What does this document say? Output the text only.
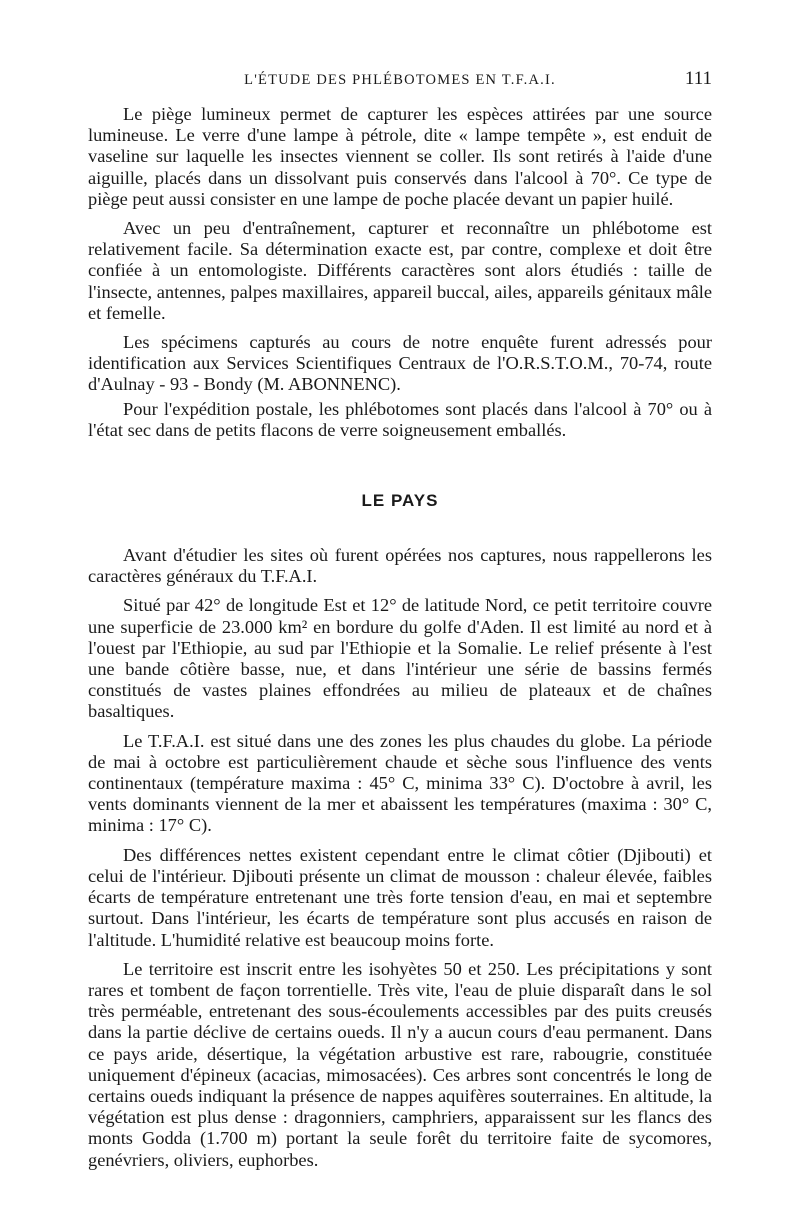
L'ÉTUDE DES PHLÉBOTOMES EN T.F.A.I.	111

Le piège lumineux permet de capturer les espèces attirées par une source lumineuse. Le verre d'une lampe à pétrole, dite « lampe tempête », est enduit de vaseline sur laquelle les insectes viennent se coller. Ils sont retirés à l'aide d'une aiguille, placés dans un dissolvant puis conservés dans l'alcool à 70°. Ce type de piège peut aussi consister en une lampe de poche placée devant un papier huilé.

Avec un peu d'entraînement, capturer et reconnaître un phlébotome est relativement facile. Sa détermination exacte est, par contre, complexe et doit être confiée à un entomologiste. Différents caractères sont alors étudiés : taille de l'insecte, antennes, palpes maxillaires, appareil buccal, ailes, appareils génitaux mâle et femelle.

Les spécimens capturés au cours de notre enquête furent adressés pour identification aux Services Scientifiques Centraux de l'O.R.S.T.O.M., 70-74, route d'Aulnay - 93 - Bondy (M. ABONNENC).

Pour l'expédition postale, les phlébotomes sont placés dans l'alcool à 70° ou à l'état sec dans de petits flacons de verre soigneusement emballés.

LE PAYS

Avant d'étudier les sites où furent opérées nos captures, nous rappellerons les caractères généraux du T.F.A.I.

Situé par 42° de longitude Est et 12° de latitude Nord, ce petit territoire couvre une superficie de 23.000 km² en bordure du golfe d'Aden. Il est limité au nord et à l'ouest par l'Ethiopie, au sud par l'Ethiopie et la Somalie. Le relief présente à l'est une bande côtière basse, nue, et dans l'intérieur une série de bassins fermés constitués de vastes plaines effondrées au milieu de plateaux et de chaînes basaltiques.

Le T.F.A.I. est situé dans une des zones les plus chaudes du globe. La période de mai à octobre est particulièrement chaude et sèche sous l'influence des vents continentaux (température maxima : 45° C, minima 33° C). D'octobre à avril, les vents dominants viennent de la mer et abaissent les températures (maxima : 30° C, minima : 17° C).

Des différences nettes existent cependant entre le climat côtier (Djibouti) et celui de l'intérieur. Djibouti présente un climat de mousson : chaleur élevée, faibles écarts de température entretenant une très forte tension d'eau, en mai et septembre surtout. Dans l'intérieur, les écarts de température sont plus accusés en raison de l'altitude. L'humidité relative est beaucoup moins forte.

Le territoire est inscrit entre les isohyètes 50 et 250. Les précipitations y sont rares et tombent de façon torrentielle. Très vite, l'eau de pluie disparaît dans le sol très perméable, entretenant des sous-écoulements accessibles par des puits creusés dans la partie déclive de certains oueds. Il n'y a aucun cours d'eau permanent. Dans ce pays aride, désertique, la végétation arbustive est rare, rabougrie, constituée uniquement d'épineux (acacias, mimosacées). Ces arbres sont concentrés le long de certains oueds indiquant la présence de nappes aquifères souterraines. En altitude, la végétation est plus dense : dragonniers, camphriers, apparaissent sur les flancs des monts Godda (1.700 m) portant la seule forêt du territoire faite de sycomores, genévriers, oliviers, euphorbes.
